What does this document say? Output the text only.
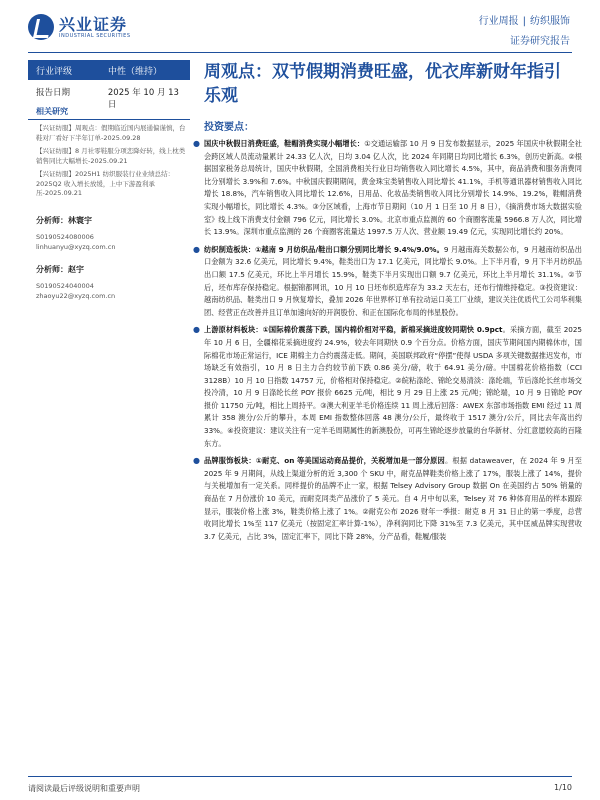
兴业证券
INDUSTRIAL SECURITIES
行业周报 | 纺织服饰
证券研究报告
行业评级	中性（维持）
报告日期	2025 年 10 月 13 日
相关研究
【兴证纺服】周观点：假期临近国内展通偏谨慎，台鞋对厂看好下半年订单-2025.09.28
【兴证纺服】8 月社零鞋服分项恋降好转，线上枕类销售同比大幅增长-2025.09.21
【兴证纺服】2025H1 纺织服装行业业绩总结：2025Q2 收入增长放缓，上中下游盈利承压-2025.09.21
分析师：林寰宇
S0190524080006
linhuanyu@xyzq.com.cn
分析师：赵宇
S0190524040004
zhaoyu22@xyzq.com.cn
周观点：双节假期消费旺盛，优衣库新财年指引乐观
投资要点：
● 国庆中秋假日消费旺盛，鞋帽消费实现小幅增长：①交通运输部 10 月 9 日发布数据显示，2025 年国庆中秋假期全社会跨区域人员流动量累计 24.33 亿人次，日均 3.04 亿人次，比 2024 年同期日均同比增长 6.3%，创历史新高。②根据国家税务总局统计，国庆中秋假期，全国消费相关行业日均销售收入同比增长 4.5%，其中，商品消费和服务消费同比分别增长 3.9%和 7.6%。中秋国庆假期期间，黄金珠宝类销售收入同比增长 41.1%，手机等通讯器材销售收入同比增长 18.8%，汽车销售收入同比增长 12.6%，日用品、化妆品类销售收入同比分别增长 14.9%、19.2%，鞋帽消费实现小幅增长，同比增长 4.3%。③分区域看，上海市节日期间（10 月 1 日至 10 月 8 日），《摘消费市场大数据实验室》线上线下消费支付金额 796 亿元，同比增长 3.0%。北京市重点监测的 60 个商圈客流量 5966.8 万人次，同比增长 13.9%。深圳市重点监测的 26 个商圈客流量达 1997.5 万人次、营业额 19.49 亿元，实现同比增长约 20%。

● 纺织制造板块：①越南 9 月纺织品/鞋出口额分别同比增长 9.4%/9.0%。9 月越南海关数据公布，9 月越南纺织品出口金额为 32.6 亿美元，同比增长 9.4%，鞋类出口为 17.1 亿美元，同比增长 9.0%。上下半月看，9 月下半月纺织品出口额 17.5 亿美元，环比上半月增长 15.9%，鞋类下半月实现出口额 9.7 亿美元，环比上半月增长 31.1%。②节后，坯布库存保持稳定。根据锦都网讯，10 月 10 日坯布织造库存为 33.2 天左右，还布行情维持稳定。③投资建议：越南纺织品、鞋类出口 9 月恢复增长，叠加 2026 年世界杯订单有拉动运口美工厂业绩，建议关注优质代工公司华利集团、经营正在改善并且订单加速向好的开润股份、和正在国际化布局的伟星股份。

● 上游原材料板块：①国际棉价震荡下跌，国内棉价相对平稳，新棉采摘进度较同期快 0.9pct。采摘方面，截至 2025 年 10 月 6 日，全疆棉花采摘进度约 24.9%，较去年同期快 0.9 个百分点。价格方面，国庆节期间国内期棉休市，国际棉花市场正常运行，ICE 期棉主力合约震荡走低。期间，美国联邦政府“停摆”使得 USDA 多项关键数据推迟发布，市场缺乏有效指引，10 月 8 日主力合约较节前下跌 0.86 美分/磅，收于 64.91 美分/磅。中国棉花价格指数（CCI 3128B）10 月 10 日指数 14757 元，价格相对保持稳定。②皖粘涤纶、锦纶交易清淡：涤纶端，节后涤纶长丝市场交投冷清，10 月 9 日涤纶长丝 POY 报价 6625 元/吨，相比 9 月 29 日上涨 25 元/吨；锦纶端，10 月 9 日锦纶 POY 报价 11750 元/吨，相比上周持平。③澳大利亚羊毛价格连续 11 周上涨后回落：AWEX 东部市场指数 EMI 经过 11 周累计 358 澳分/公斤的攀升，本周 EMI 指数整体回落 48 澳分/公斤，最终收于 1517 澳分/公斤，同比去年高出约 33%。④投资建议：建议关注有一定羊毛周期属性的新澳股份，可再生锦纶逐步放量的台华新材、分红意愿较高的百隆东方。

● 品牌服饰板块：①耐克、on 等美国运动商品提价，关税增加是一部分原因。根据 dataweaver，在 2024 年 9 月至 2025 年 9 月期间，从线上渠道分析的近 3,300 个 SKU 中，耐克品牌鞋类价格上涨了 17%，服装上涨了 14%，提价与关税增加有一定关系。同样提价的品牌不止一家，根据 Telsey Advisory Group 数据 On 在美国约占 50% 销量的商品在 7 月份涨价 10 美元，而耐克同类产品涨价了 5 美元。自 4 月中旬以来，Telsey 对 76 种体育用品的样本跟踪显示，服装价格上涨 3%，鞋类价格上涨了 1%。②耐克公布 2026 财年一季报：耐克 8 月 31 日止的第一季度，总营收同比增长 1%至 117 亿美元（按固定汇率计算-1%），净利润同比下降 31%至 7.3 亿美元，其中匡威品牌实现营收 3.7 亿美元，占比 3%，固定汇率下，同比下降 28%，分产品看，鞋履/服装

请阅读最后评级说明和重要声明	1/10
